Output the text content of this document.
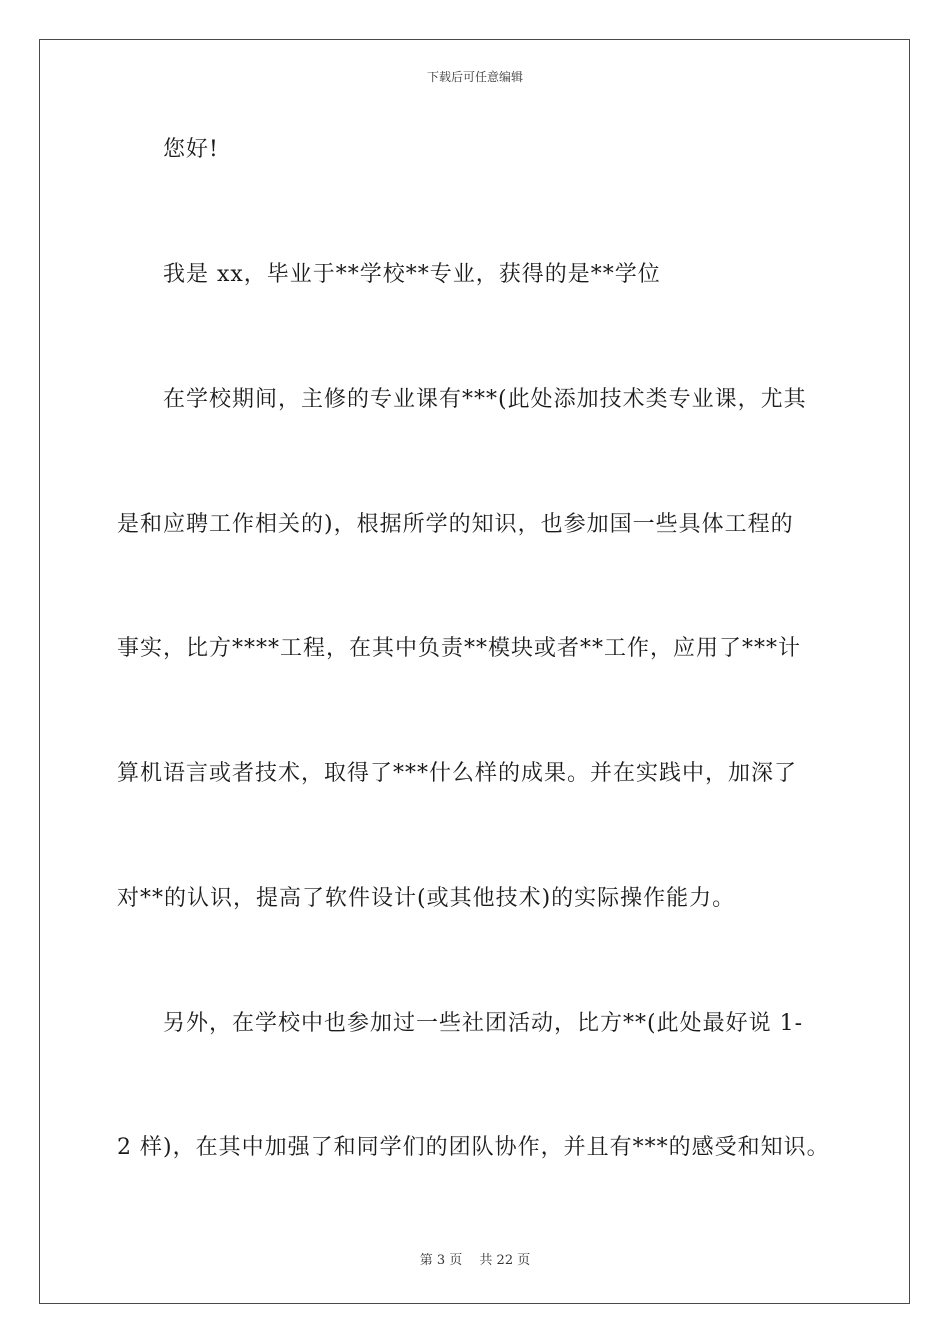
下载后可任意编辑
您好!
我是 xx，毕业于**学校**专业，获得的是**学位
在学校期间，主修的专业课有***(此处添加技术类专业课，尤其
是和应聘工作相关的)，根据所学的知识，也参加国一些具体工程的
事实，比方****工程，在其中负责**模块或者**工作，应用了***计
算机语言或者技术，取得了***什么样的成果。并在实践中，加深了
对**的认识，提高了软件设计(或其他技术)的实际操作能力。
另外，在学校中也参加过一些社团活动，比方**(此处最好说 1-
2 样)，在其中加强了和同学们的团队协作，并且有***的感受和知识。
第 3 页　 共 22 页
